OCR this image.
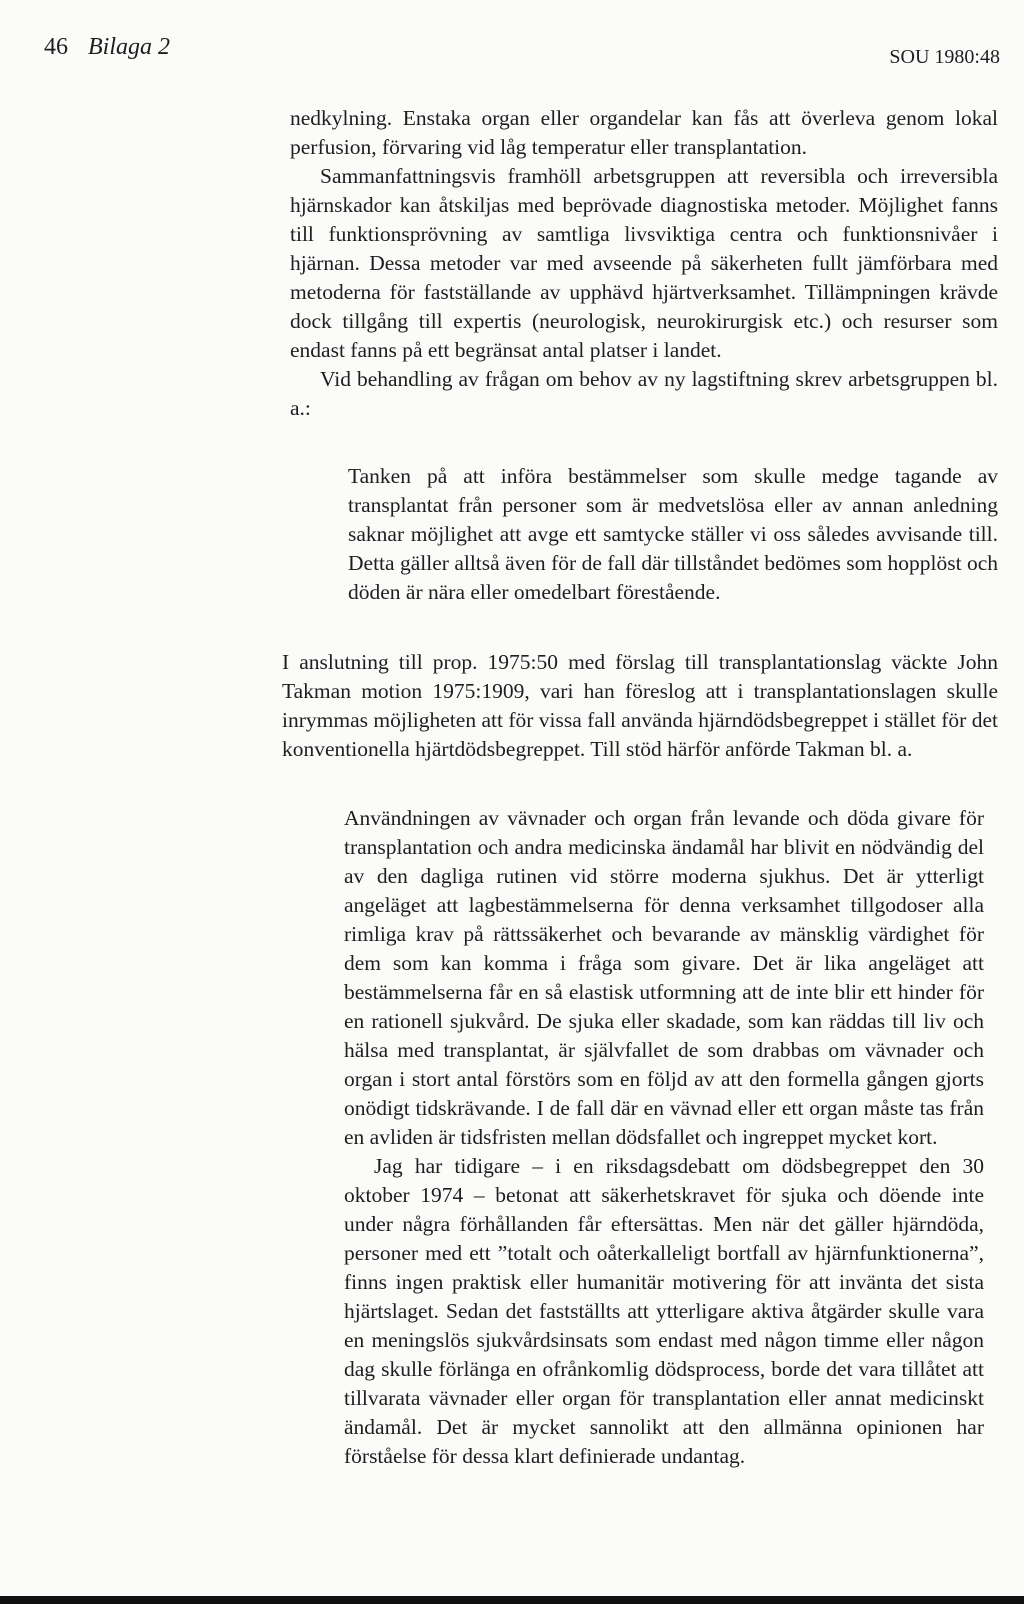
46 Bilaga 2	SOU 1980:48

nedkylning. Enstaka organ eller organdelar kan fås att överleva genom lokal perfusion, förvaring vid låg temperatur eller transplantation.

Sammanfattningsvis framhöll arbetsgruppen att reversibla och irreversibla hjärnskador kan åtskiljas med beprövade diagnostiska metoder. Möjlighet fanns till funktionsprövning av samtliga livsviktiga centra och funktionsnivåer i hjärnan. Dessa metoder var med avseende på säkerheten fullt jämförbara med metoderna för fastställande av upphävd hjärtverksamhet. Tillämpningen krävde dock tillgång till expertis (neurologisk, neurokirurgisk etc.) och resurser som endast fanns på ett begränsat antal platser i landet.

Vid behandling av frågan om behov av ny lagstiftning skrev arbetsgruppen bl. a.:

Tanken på att införa bestämmelser som skulle medge tagande av transplantat från personer som är medvetslösa eller av annan anledning saknar möjlighet att avge ett samtycke ställer vi oss således avvisande till. Detta gäller alltså även för de fall där tillståndet bedömes som hopplöst och döden är nära eller omedelbart förestående.

I anslutning till prop. 1975:50 med förslag till transplantationslag väckte John Takman motion 1975:1909, vari han föreslog att i transplantationslagen skulle inrymmas möjligheten att för vissa fall använda hjärndödsbegreppet i stället för det konventionella hjärtdödsbegreppet. Till stöd härför anförde Takman bl. a.

Användningen av vävnader och organ från levande och döda givare för transplantation och andra medicinska ändamål har blivit en nödvändig del av den dagliga rutinen vid större moderna sjukhus. Det är ytterligt angeläget att lagbestämmelserna för denna verksamhet tillgodoser alla rimliga krav på rättssäkerhet och bevarande av mänsklig värdighet för dem som kan komma i fråga som givare. Det är lika angeläget att bestämmelserna får en så elastisk utformning att de inte blir ett hinder för en rationell sjukvård. De sjuka eller skadade, som kan räddas till liv och hälsa med transplantat, är självfallet de som drabbas om vävnader och organ i stort antal förstörs som en följd av att den formella gången gjorts onödigt tidskrävande. I de fall där en vävnad eller ett organ måste tas från en avliden är tidsfristen mellan dödsfallet och ingreppet mycket kort.

Jag har tidigare – i en riksdagsdebatt om dödsbegreppet den 30 oktober 1974 – betonat att säkerhetskravet för sjuka och döende inte under några förhållanden får eftersättas. Men när det gäller hjärndöda, personer med ett ”totalt och oåterkalleligt bortfall av hjärnfunktionerna”, finns ingen praktisk eller humanitär motivering för att invänta det sista hjärtslaget. Sedan det fastställts att ytterligare aktiva åtgärder skulle vara en meningslös sjukvårdsinsats som endast med någon timme eller någon dag skulle förlänga en ofrånkomlig dödsprocess, borde det vara tillåtet att tillvarata vävnader eller organ för transplantation eller annat medicinskt ändamål. Det är mycket sannolikt att den allmänna opinionen har förståelse för dessa klart definierade undantag.
